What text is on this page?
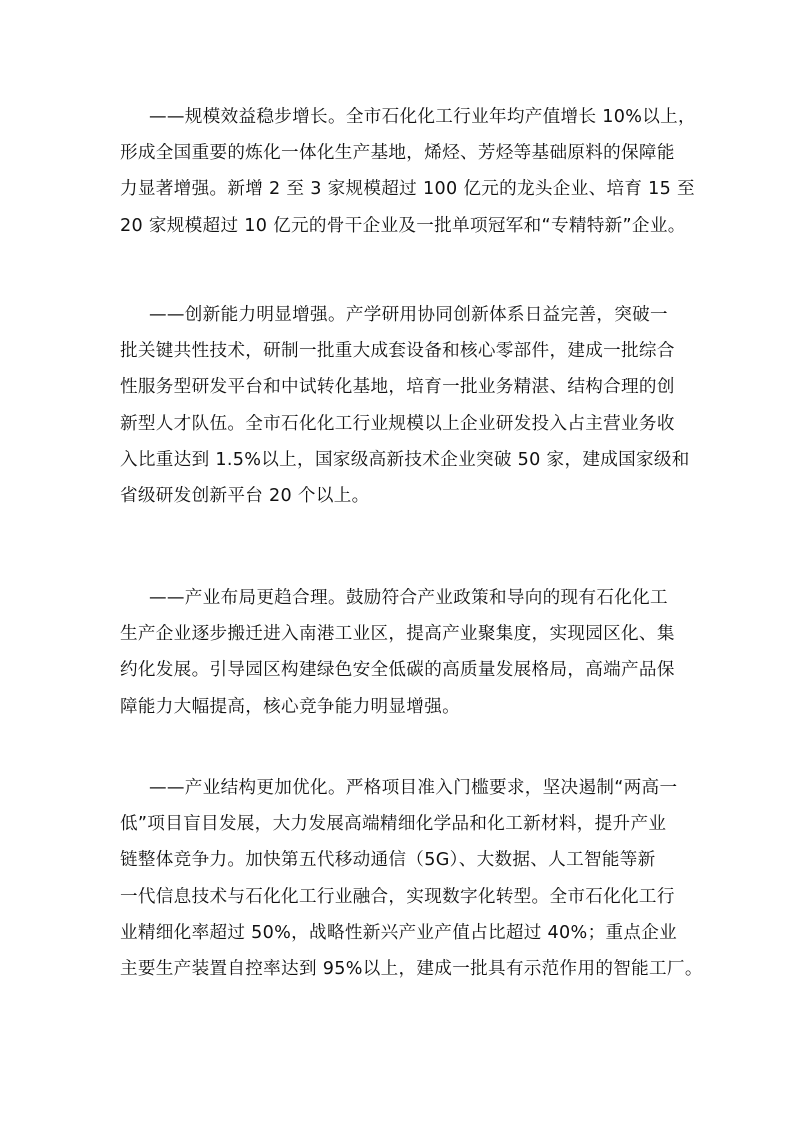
——规模效益稳步增长。全市石化化工行业年均产值增长 10%以上，
形成全国重要的炼化一体化生产基地，烯烃、芳烃等基础原料的保障能
力显著增强。新增 2 至 3 家规模超过 100 亿元的龙头企业、培育 15 至
20 家规模超过 10 亿元的骨干企业及一批单项冠军和“专精特新”企业。
——创新能力明显增强。产学研用协同创新体系日益完善，突破一
批关键共性技术，研制一批重大成套设备和核心零部件，建成一批综合
性服务型研发平台和中试转化基地，培育一批业务精湛、结构合理的创
新型人才队伍。全市石化化工行业规模以上企业研发投入占主营业务收
入比重达到 1.5%以上，国家级高新技术企业突破 50 家，建成国家级和
省级研发创新平台 20 个以上。
——产业布局更趋合理。鼓励符合产业政策和导向的现有石化化工
生产企业逐步搬迁进入南港工业区，提高产业聚集度，实现园区化、集
约化发展。引导园区构建绿色安全低碳的高质量发展格局，高端产品保
障能力大幅提高，核心竞争能力明显增强。
——产业结构更加优化。严格项目准入门槛要求，坚决遏制“两高一
低”项目盲目发展，大力发展高端精细化学品和化工新材料，提升产业
链整体竞争力。加快第五代移动通信（5G）、大数据、人工智能等新
一代信息技术与石化化工行业融合，实现数字化转型。全市石化化工行
业精细化率超过 50%，战略性新兴产业产值占比超过 40%；重点企业
主要生产装置自控率达到 95%以上，建成一批具有示范作用的智能工厂。
